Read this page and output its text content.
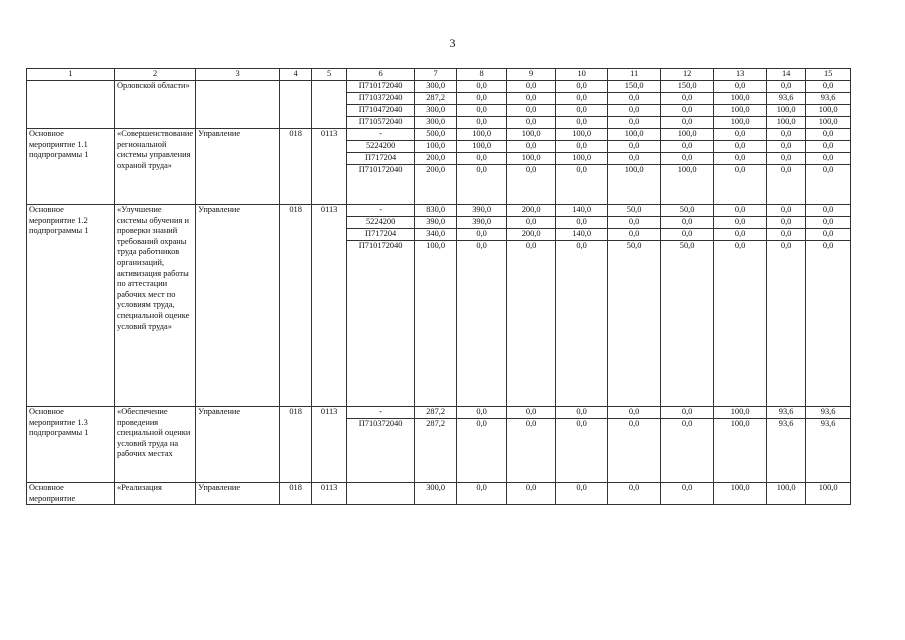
3
1	2	3	4	5	6	7	8	9	10	11	12	13	14	15
	Орловской области»				П710172040	300,0	0,0	0,0	0,0	150,0	150,0	0,0	0,0	0,0
					П710372040	287,2	0,0	0,0	0,0	0,0	0,0	100,0	93,6	93,6
					П710472040	300,0	0,0	0,0	0,0	0,0	0,0	100,0	100,0	100,0
					П710572040	300,0	0,0	0,0	0,0	0,0	0,0	100,0	100,0	100,0
Основное мероприятие 1.1 подпрограммы 1	«Совершенствование региональной системы управления охраной труда»	Управление	018	0113	-	500,0	100,0	100,0	100,0	100,0	100,0	0,0	0,0	0,0
					5224200	100,0	100,0	0,0	0,0	0,0	0,0	0,0	0,0	0,0
					П717204	200,0	0,0	100,0	100,0	0,0	0,0	0,0	0,0	0,0
					П710172040	200,0	0,0	0,0	0,0	100,0	100,0	0,0	0,0	0,0
Основное мероприятие 1.2 подпрограммы 1	«Улучшение системы обучения и проверки знаний требований охраны труда работников организаций, активизация работы по аттестации рабочих мест по условиям труда, специальной оценке условий труда»	Управление	018	0113	-	830,0	390,0	200,0	140,0	50,0	50,0	0,0	0,0	0,0
					5224200	390,0	390,0	0,0	0,0	0,0	0,0	0,0	0,0	0,0
					П717204	340,0	0,0	200,0	140,0	0,0	0,0	0,0	0,0	0,0
					П710172040	100,0	0,0	0,0	0,0	50,0	50,0	0,0	0,0	0,0
Основное мероприятие 1.3 подпрограммы 1	«Обеспечение проведения специальной оценки условий труда на рабочих местах	Управление	018	0113	-	287,2	0,0	0,0	0,0	0,0	0,0	100,0	93,6	93,6
					П710372040	287,2	0,0	0,0	0,0	0,0	0,0	100,0	93,6	93,6
Основное мероприятие	«Реализация	Управление	018	0113		300,0	0,0	0,0	0,0	0,0	0,0	100,0	100,0	100,0
